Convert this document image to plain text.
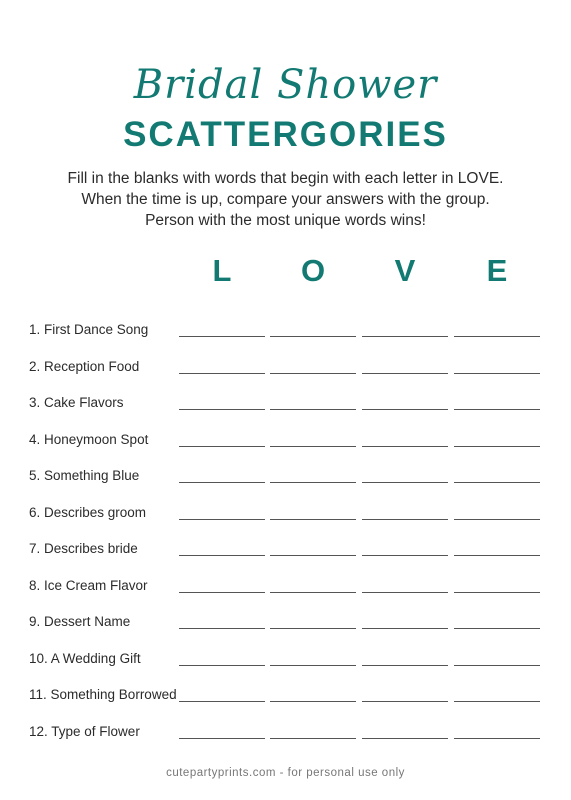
Bridal Shower
SCATTERGORIES
Fill in the blanks with words that begin with each letter in LOVE.
When the time is up, compare your answers with the group.
Person with the most unique words wins!
L	O	V	E
1. First Dance Song
2. Reception Food
3. Cake Flavors
4. Honeymoon Spot
5. Something Blue
6. Describes groom
7. Describes bride
8. Ice Cream Flavor
9. Dessert Name
10. A Wedding Gift
11. Something Borrowed
12. Type of Flower
cutepartyprints.com - for personal use only
